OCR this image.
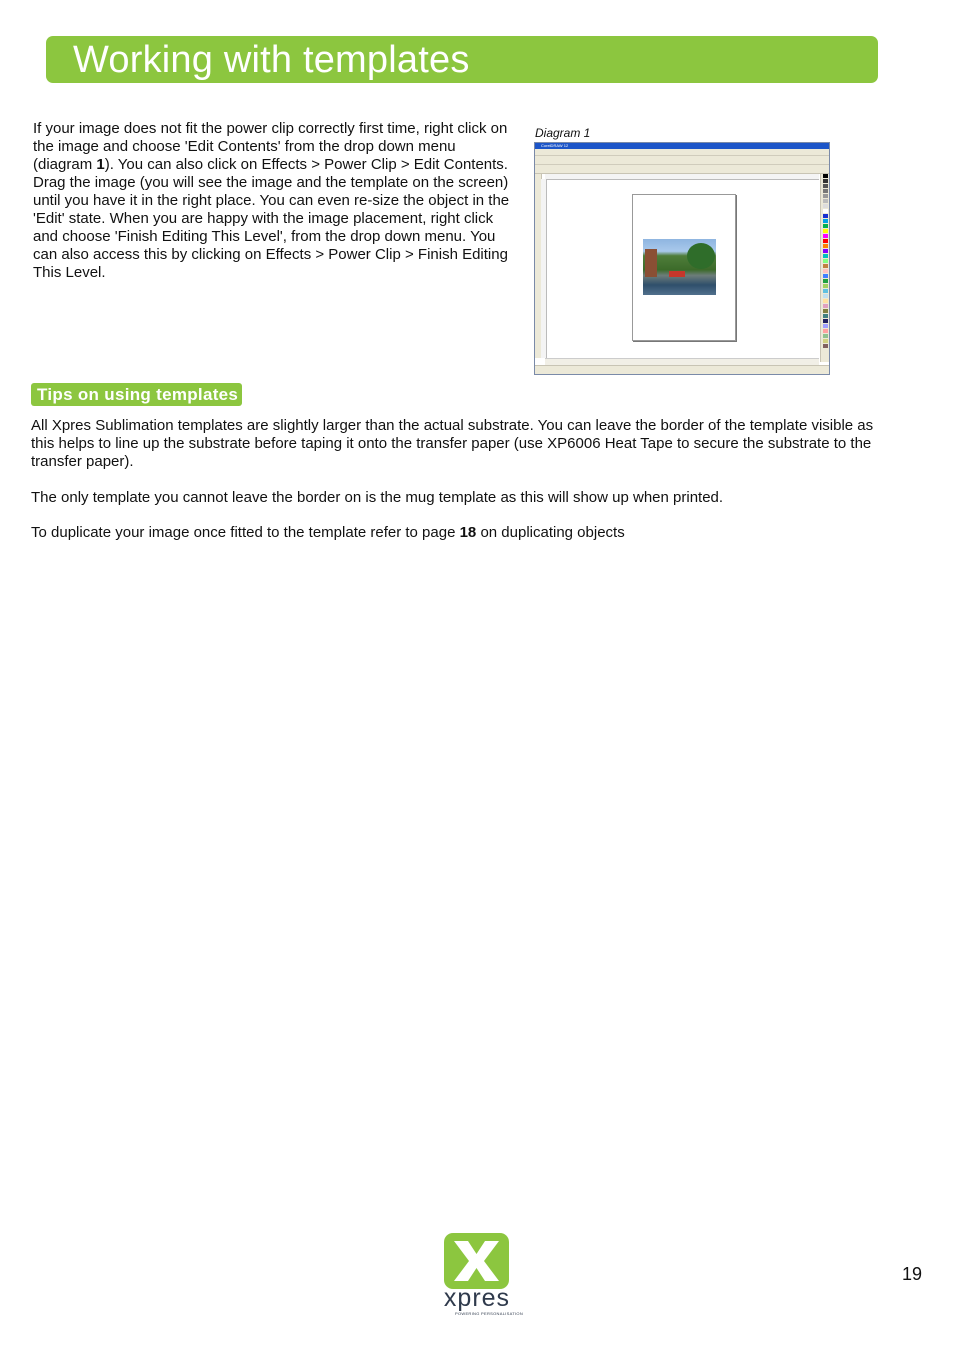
Working with templates

If your image does not fit the power clip correctly first time, right click on the image and choose 'Edit Contents' from the drop down menu (diagram 1). You can also click on Effects > Power Clip > Edit Contents. Drag the image (you will see the image and the template on the screen) until you have it in the right place. You can even re-size the object in the 'Edit' state. When you are happy with the image placement, right click and choose 'Finish Editing This Level', from the drop down menu. You can also access this by clicking on Effects > Power Clip > Finish Editing This Level.

Diagram 1
CorelDRAW 12
Tips on using templates

All Xpres Sublimation templates are slightly larger than the actual substrate. You can leave the border of the template visible as this helps to line up the substrate before taping it onto the transfer paper (use XP6006 Heat Tape to secure the substrate to the transfer paper).

The only template you cannot leave the border on is the mug template as this will show up when printed.

To duplicate your image once fitted to the template refer to page 18 on duplicating objects

xpres
POWERING PERSONALISATION
19
